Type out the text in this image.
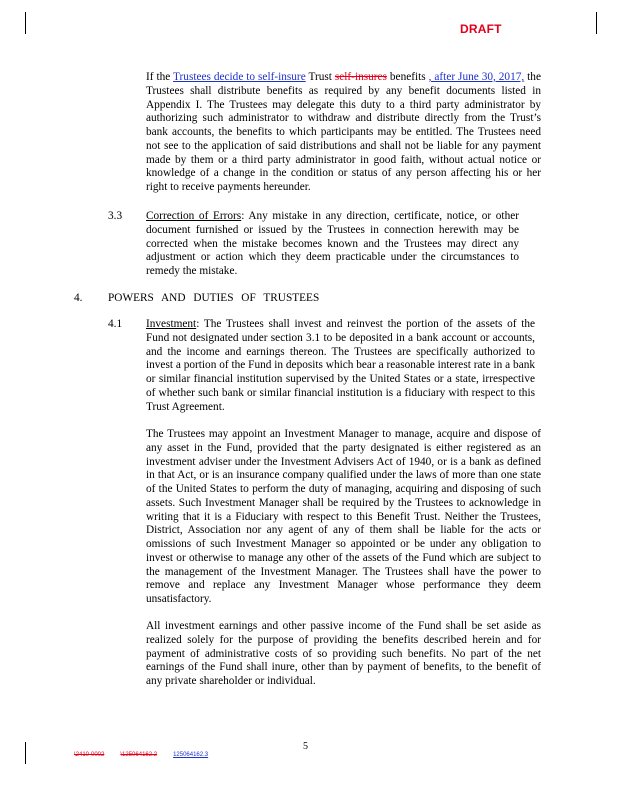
DRAFT
If the Trustees decide to self-insure Trust self-insures benefits , after June 30, 2017, the Trustees shall distribute benefits as required by any benefit documents listed in Appendix I. The Trustees may delegate this duty to a third party administrator by authorizing such administrator to withdraw and distribute directly from the Trust’s bank accounts, the benefits to which participants may be entitled. The Trustees need not see to the application of said distributions and shall not be liable for any payment made by them or a third party administrator in good faith, without actual notice or knowledge of a change in the condition or status of any person affecting his or her right to receive payments hereunder.
3.3 Correction of Errors: Any mistake in any direction, certificate, notice, or other document furnished or issued by the Trustees in connection herewith may be corrected when the mistake becomes known and the Trustees may direct any adjustment or action which they deem practicable under the circumstances to remedy the mistake.
4. POWERS AND DUTIES OF TRUSTEES
4.1 Investment: The Trustees shall invest and reinvest the portion of the assets of the Fund not designated under section 3.1 to be deposited in a bank account or accounts, and the income and earnings thereon. The Trustees are specifically authorized to invest a portion of the Fund in deposits which bear a reasonable interest rate in a bank or similar financial institution supervised by the United States or a state, irrespective of whether such bank or similar financial institution is a fiduciary with respect to this Trust Agreement.
The Trustees may appoint an Investment Manager to manage, acquire and dispose of any asset in the Fund, provided that the party designated is either registered as an investment adviser under the Investment Advisers Act of 1940, or is a bank as defined in that Act, or is an insurance company qualified under the laws of more than one state of the United States to perform the duty of managing, acquiring and disposing of such assets. Such Investment Manager shall be required by the Trustees to acknowledge in writing that it is a Fiduciary with respect to this Benefit Trust. Neither the Trustees, District, Association nor any agent of any of them shall be liable for the acts or omissions of such Investment Manager so appointed or be under any obligation to invest or otherwise to manage any other of the assets of the Fund which are subject to the management of the Investment Manager. The Trustees shall have the power to remove and replace any Investment Manager whose performance they deem unsatisfactory.
All investment earnings and other passive income of the Fund shall be set aside as realized solely for the purpose of providing the benefits described herein and for payment of administrative costs of so providing such benefits. No part of the net earnings of the Fund shall inure, other than by payment of benefits, to the benefit of any private shareholder or individual.
5
\2410-0002	\125064162.2	125064162.3
